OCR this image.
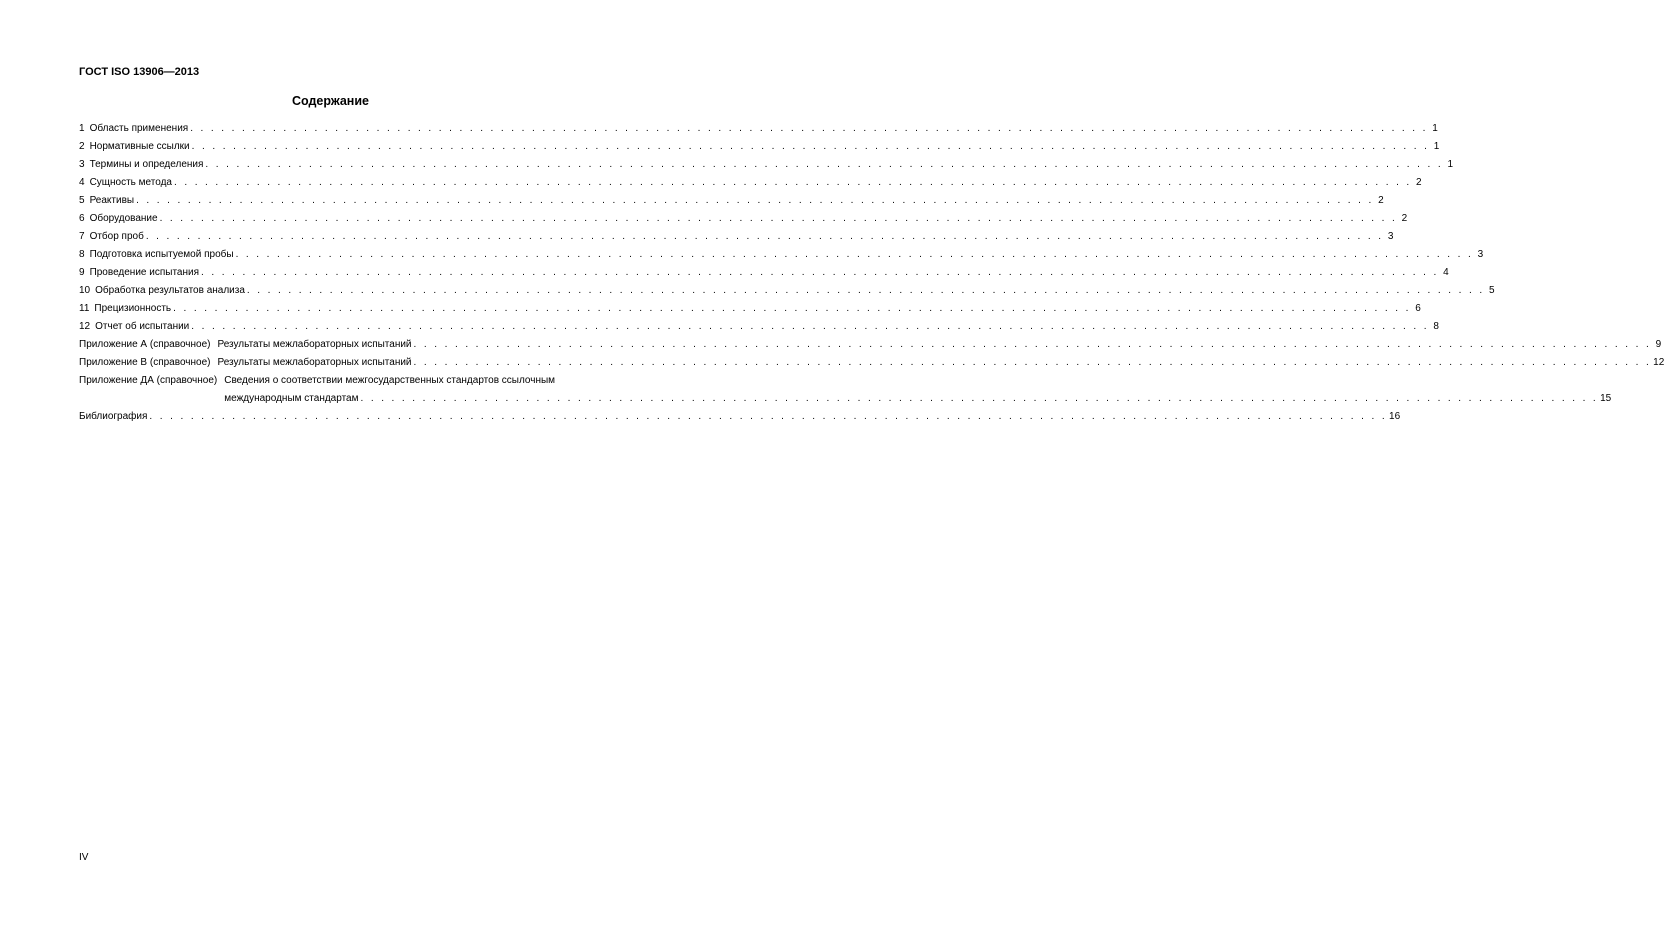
ГОСТ ISO 13906—2013
Содержание
1 Область применения . . . . . . . . . . . . . . . . . . . . . . . . . . . . . . . . . . . . . . . . . . . . . . . . . . . . . . . . . . . . . . . . . . . . . . . . . . . . . . . . . . . . . . . . . . . . . . . . . . . . . . . . . . . . . . . . . . . . . . . . 1
2 Нормативные ссылки . . . . . . . . . . . . . . . . . . . . . . . . . . . . . . . . . . . . . . . . . . . . . . . . . . . . . . . . . . . . . . . . . . . . . . . . . . . . . . . . . . . . . . . . . . . . . . . . . . . . . . . . . . . . . . . . . . . . . . . . 1
3 Термины и определения . . . . . . . . . . . . . . . . . . . . . . . . . . . . . . . . . . . . . . . . . . . . . . . . . . . . . . . . . . . . . . . . . . . . . . . . . . . . . . . . . . . . . . . . . . . . . . . . . . . . . . . . . . . . . . . . . . . . . . . . 1
4 Сущность метода . . . . . . . . . . . . . . . . . . . . . . . . . . . . . . . . . . . . . . . . . . . . . . . . . . . . . . . . . . . . . . . . . . . . . . . . . . . . . . . . . . . . . . . . . . . . . . . . . . . . . . . . . . . . . . . . . . . . . . . . 2
5 Реактивы . . . . . . . . . . . . . . . . . . . . . . . . . . . . . . . . . . . . . . . . . . . . . . . . . . . . . . . . . . . . . . . . . . . . . . . . . . . . . . . . . . . . . . . . . . . . . . . . . . . . . . . . . . . . . . . . . . . . . . . . 2
6 Оборудование . . . . . . . . . . . . . . . . . . . . . . . . . . . . . . . . . . . . . . . . . . . . . . . . . . . . . . . . . . . . . . . . . . . . . . . . . . . . . . . . . . . . . . . . . . . . . . . . . . . . . . . . . . . . . . . . . . . . . . . . 2
7 Отбор проб . . . . . . . . . . . . . . . . . . . . . . . . . . . . . . . . . . . . . . . . . . . . . . . . . . . . . . . . . . . . . . . . . . . . . . . . . . . . . . . . . . . . . . . . . . . . . . . . . . . . . . . . . . . . . . . . . . . . . . . . 3
8 Подготовка испытуемой пробы . . . . . . . . . . . . . . . . . . . . . . . . . . . . . . . . . . . . . . . . . . . . . . . . . . . . . . . . . . . . . . . . . . . . . . . . . . . . . . . . . . . . . . . . . . . . . . . . . . . . . . . . . . . . . . . . . . . . . . . . 3
9 Проведение испытания . . . . . . . . . . . . . . . . . . . . . . . . . . . . . . . . . . . . . . . . . . . . . . . . . . . . . . . . . . . . . . . . . . . . . . . . . . . . . . . . . . . . . . . . . . . . . . . . . . . . . . . . . . . . . . . . . . . . . . . . 4
10 Обработка результатов анализа . . . . . . . . . . . . . . . . . . . . . . . . . . . . . . . . . . . . . . . . . . . . . . . . . . . . . . . . . . . . . . . . . . . . . . . . . . . . . . . . . . . . . . . . . . . . . . . . . . . . . . . . . . . . . . . . . . . . . . . . 5
11 Прецизионность . . . . . . . . . . . . . . . . . . . . . . . . . . . . . . . . . . . . . . . . . . . . . . . . . . . . . . . . . . . . . . . . . . . . . . . . . . . . . . . . . . . . . . . . . . . . . . . . . . . . . . . . . . . . . . . . . . . . . . . . 6
12 Отчет об испытании . . . . . . . . . . . . . . . . . . . . . . . . . . . . . . . . . . . . . . . . . . . . . . . . . . . . . . . . . . . . . . . . . . . . . . . . . . . . . . . . . . . . . . . . . . . . . . . . . . . . . . . . . . . . . . . . . . . . . . . . 8
Приложение А (справочное) Результаты межлабораторных испытаний . . . . . . . . . . . . . . . . . . . . . . . . . . . . . . . . . . . . . . . . . . . . . . . . . . . . . . . . . . . . . . . . . . . . . . . . . . . . . . . . . . . . . . . . . . . . . . . . . . . . . . . . . . . . . . . . . . . . . . . . 9
Приложение В (справочное) Результаты межлабораторных испытаний . . . . . . . . . . . . . . . . . . . . . . . . . . . . . . . . . . . . . . . . . . . . . . . . . . . . . . . . . . . . . . . . . . . . . . . . . . . . . . . . . . . . . . . . . . . . . . . . . . . . . . . . . . . . . . . . . . . . . . . . 12
Приложение ДА (справочное) Сведения о соответствии межгосударственных стандартов ссылочным
международным стандартам . . . . . . . . . . . . . . . . . . . . . . . . . . . . . . . . . . . . . . . . . . . . . . . . . . . . . . . . . . . . . . . . . . . . . . . . . . . . . . . . . . . . . . . . . . . . . . . . . . . . . . . . . . . . . . . . . . . . . . . . 15
Библиография . . . . . . . . . . . . . . . . . . . . . . . . . . . . . . . . . . . . . . . . . . . . . . . . . . . . . . . . . . . . . . . . . . . . . . . . . . . . . . . . . . . . . . . . . . . . . . . . . . . . . . . . . . . . . . . . . . . . . . . . 16
IV
